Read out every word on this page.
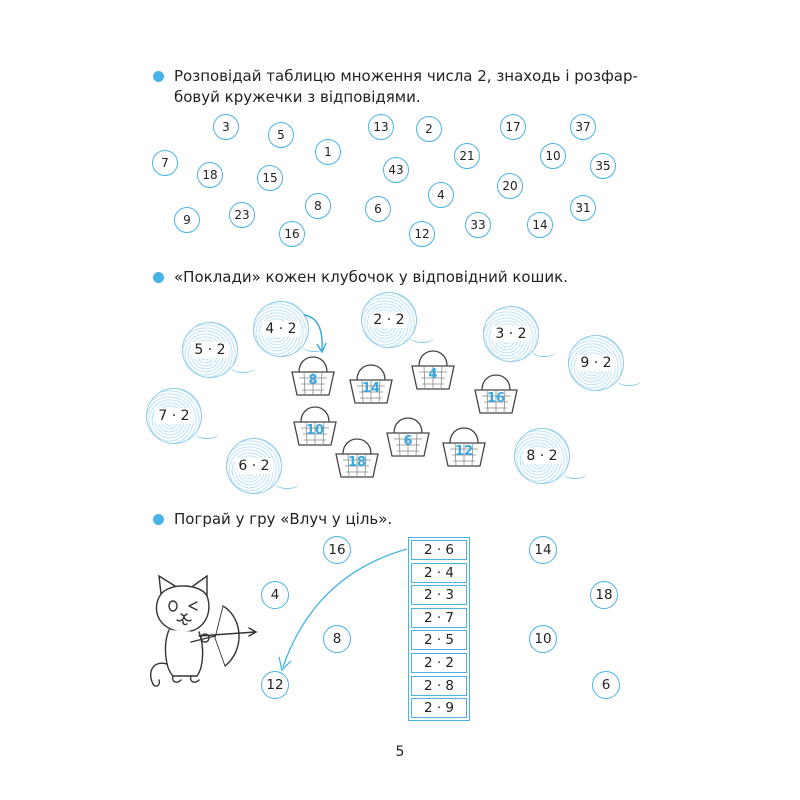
Розповідай таблицю множення числа 2, знаходь і розфар-
бовуй кружечки з відповідями.
3
5
1
13	2	17	37
7
18	15
43
21	10
35
4
20
9	23
8	6
33
31
16	12
14
«Поклади» кожен клубочок у відповідний кошик.
4 · 2
2 · 2
3 · 2
5 · 2
9 · 2
7 · 2
6 · 2
8 · 2
8
14
4
16
10
6
12
18
Пограй у гру «Влуч у ціль».
16
4
8
12
14
18
10
6
2 · 6
2 · 4
2 · 3
2 · 7
2 · 5
2 · 2
2 · 8
2 · 9
5
